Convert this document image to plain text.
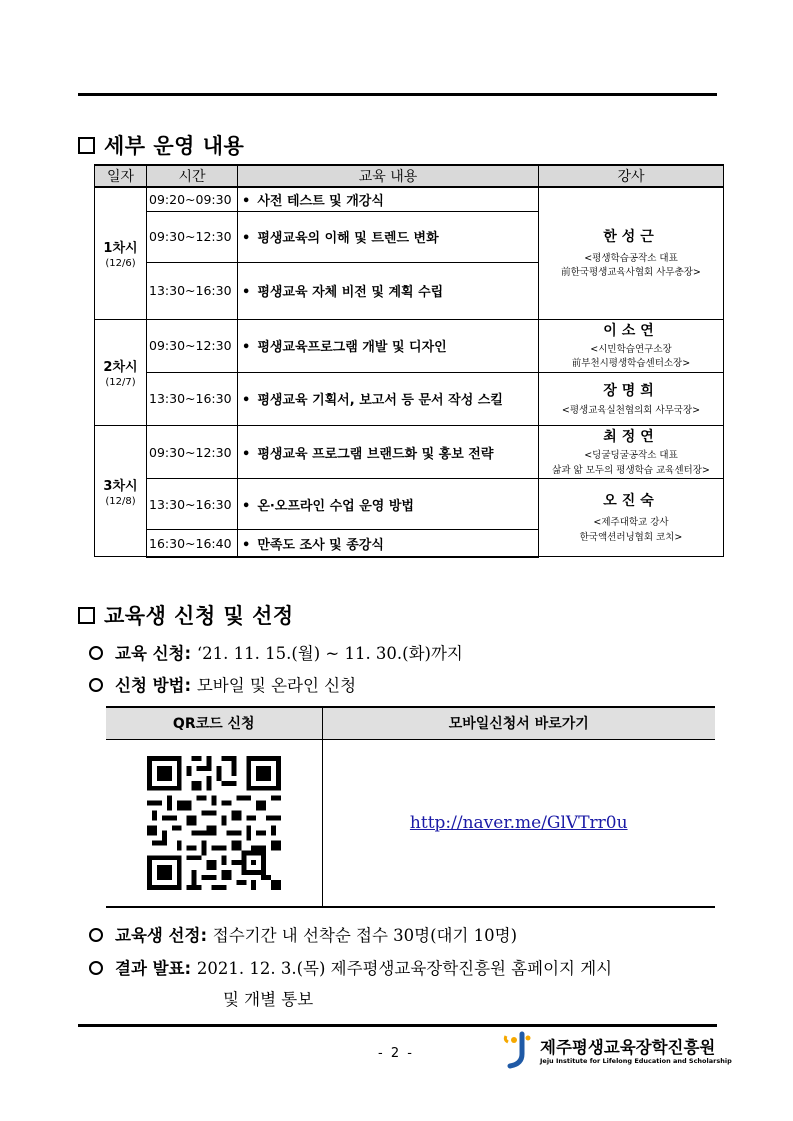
세부 운영 내용
일자	시간	교육 내용	강사

1차시
(12/6)	09:20~09:30	• 사전 테스트 및 개강식	한성근
<평생학습공작소 대표
前한국평생교육사협회 사무총장>

	09:30~12:30	• 평생교육의 이해 및 트렌드 변화	
	13:30~16:30	• 평생교육 자체 비전 및 계획 수립	

2차시
(12/7)	09:30~12:30	• 평생교육프로그램 개발 및 디자인	이소연
<시민학습연구소장
前부천시평생학습센터소장>

	13:30~16:30	• 평생교육 기획서, 보고서 등 문서 작성 스킬	장명희
<평생교육실천협의회 사무국장>

3차시
(12/8)	09:30~12:30	• 평생교육 프로그램 브랜드화 및 홍보 전략	최정연
<딩굴딩굴공작소 대표
삶과 앎 모두의 평생학습 교육센터장>

	13:30~16:30	• 온·오프라인 수업 운영 방법	오진숙
<제주대학교 강사
한국액션러닝협회 코치>

	16:30~16:40	• 만족도 조사 및 종강식	
교육생 신청 및 선정
교육 신청: ‘21. 11. 15.(월) ~ 11. 30.(화)까지
신청 방법: 모바일 및 온라인 신청
QR코드 신청	모바일신청서 바로가기

	http://naver.me/GlVTrr0u
교육생 선정: 접수기간 내 선착순 접수 30명(대기 10명)
결과 발표: 2021. 12. 3.(목) 제주평생교육장학진흥원 홈페이지 게시
및 개별 통보
- 2 -	제주평생교육장학진흥원
Jeju Institute for Lifelong Education and Scholarship
